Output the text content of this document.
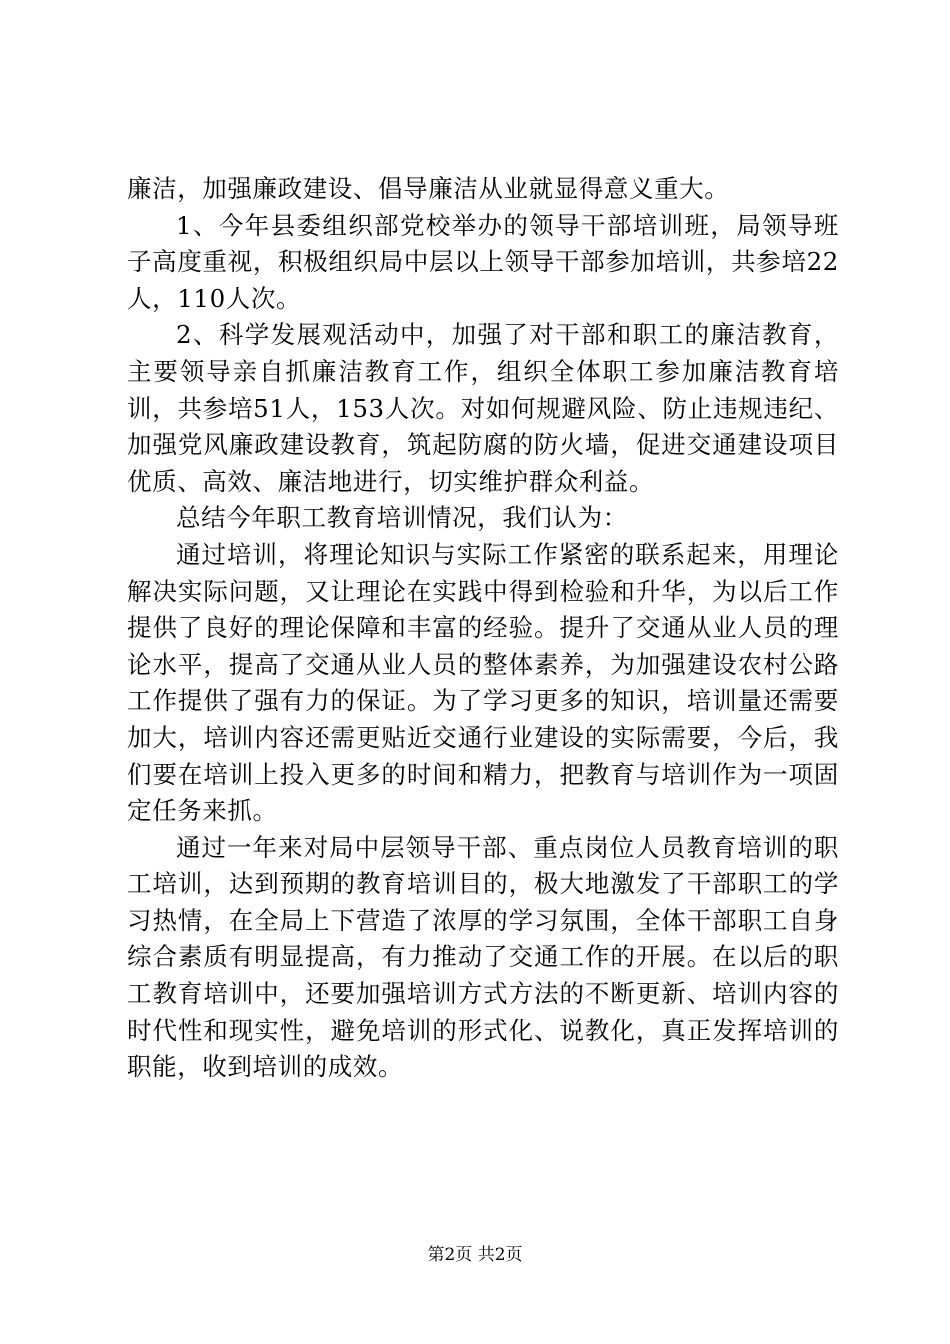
廉洁，加强廉政建设、倡导廉洁从业就显得意义重大。

1、今年县委组织部党校举办的领导干部培训班，局领导班子高度重视，积极组织局中层以上领导干部参加培训，共参培22人，110人次。

2、科学发展观活动中，加强了对干部和职工的廉洁教育，主要领导亲自抓廉洁教育工作，组织全体职工参加廉洁教育培训，共参培51人，153人次。对如何规避风险、防止违规违纪、加强党风廉政建设教育，筑起防腐的防火墙，促进交通建设项目优质、高效、廉洁地进行，切实维护群众利益。

总结今年职工教育培训情况，我们认为：

通过培训，将理论知识与实际工作紧密的联系起来，用理论解决实际问题，又让理论在实践中得到检验和升华，为以后工作提供了良好的理论保障和丰富的经验。提升了交通从业人员的理论水平，提高了交通从业人员的整体素养，为加强建设农村公路工作提供了强有力的保证。为了学习更多的知识，培训量还需要加大，培训内容还需更贴近交通行业建设的实际需要，今后，我们要在培训上投入更多的时间和精力，把教育与培训作为一项固定任务来抓。

通过一年来对局中层领导干部、重点岗位人员教育培训的职工培训，达到预期的教育培训目的，极大地激发了干部职工的学习热情，在全局上下营造了浓厚的学习氛围，全体干部职工自身综合素质有明显提高，有力推动了交通工作的开展。在以后的职工教育培训中，还要加强培训方式方法的不断更新、培训内容的时代性和现实性，避免培训的形式化、说教化，真正发挥培训的职能，收到培训的成效。

第2页 共2页
